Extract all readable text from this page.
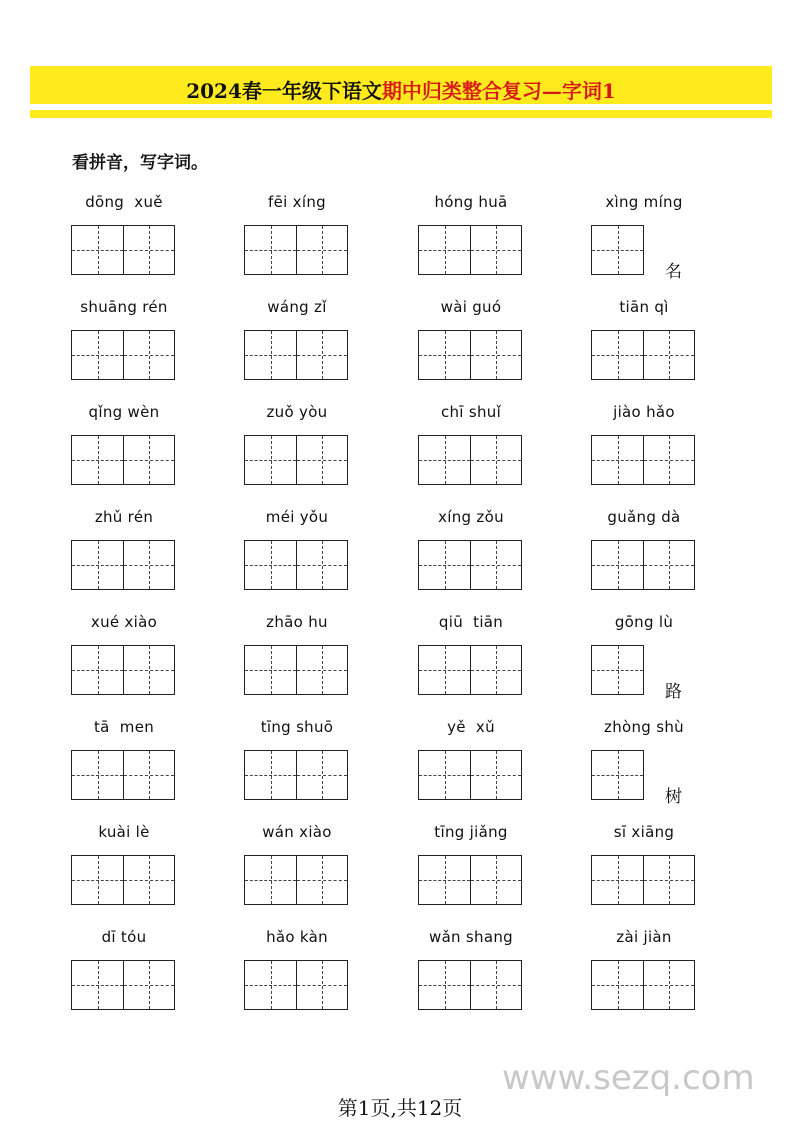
2024春一年级下语文期中归类整合复习—字词1
看拼音，写字词。
dōng  xuě	fēi xíng	hóng huā	xìng míng
名
shuāng rén	wáng zǐ	wài guó	tiān qì
qǐng wèn	zuǒ yòu	chī shuǐ	jiào hǎo
zhǔ rén	méi yǒu	xíng zǒu	guǎng dà
xué xiào	zhāo hu	qiū  tiān	gōng lù
路
tā  men	tīng shuō	yě  xǔ	zhòng shù
树
kuài lè	wán xiào	tīng jiǎng	sī xiāng
dī tóu	hǎo kàn	wǎn shang	zài jiàn
www.sezq.com
第1页,共12页
